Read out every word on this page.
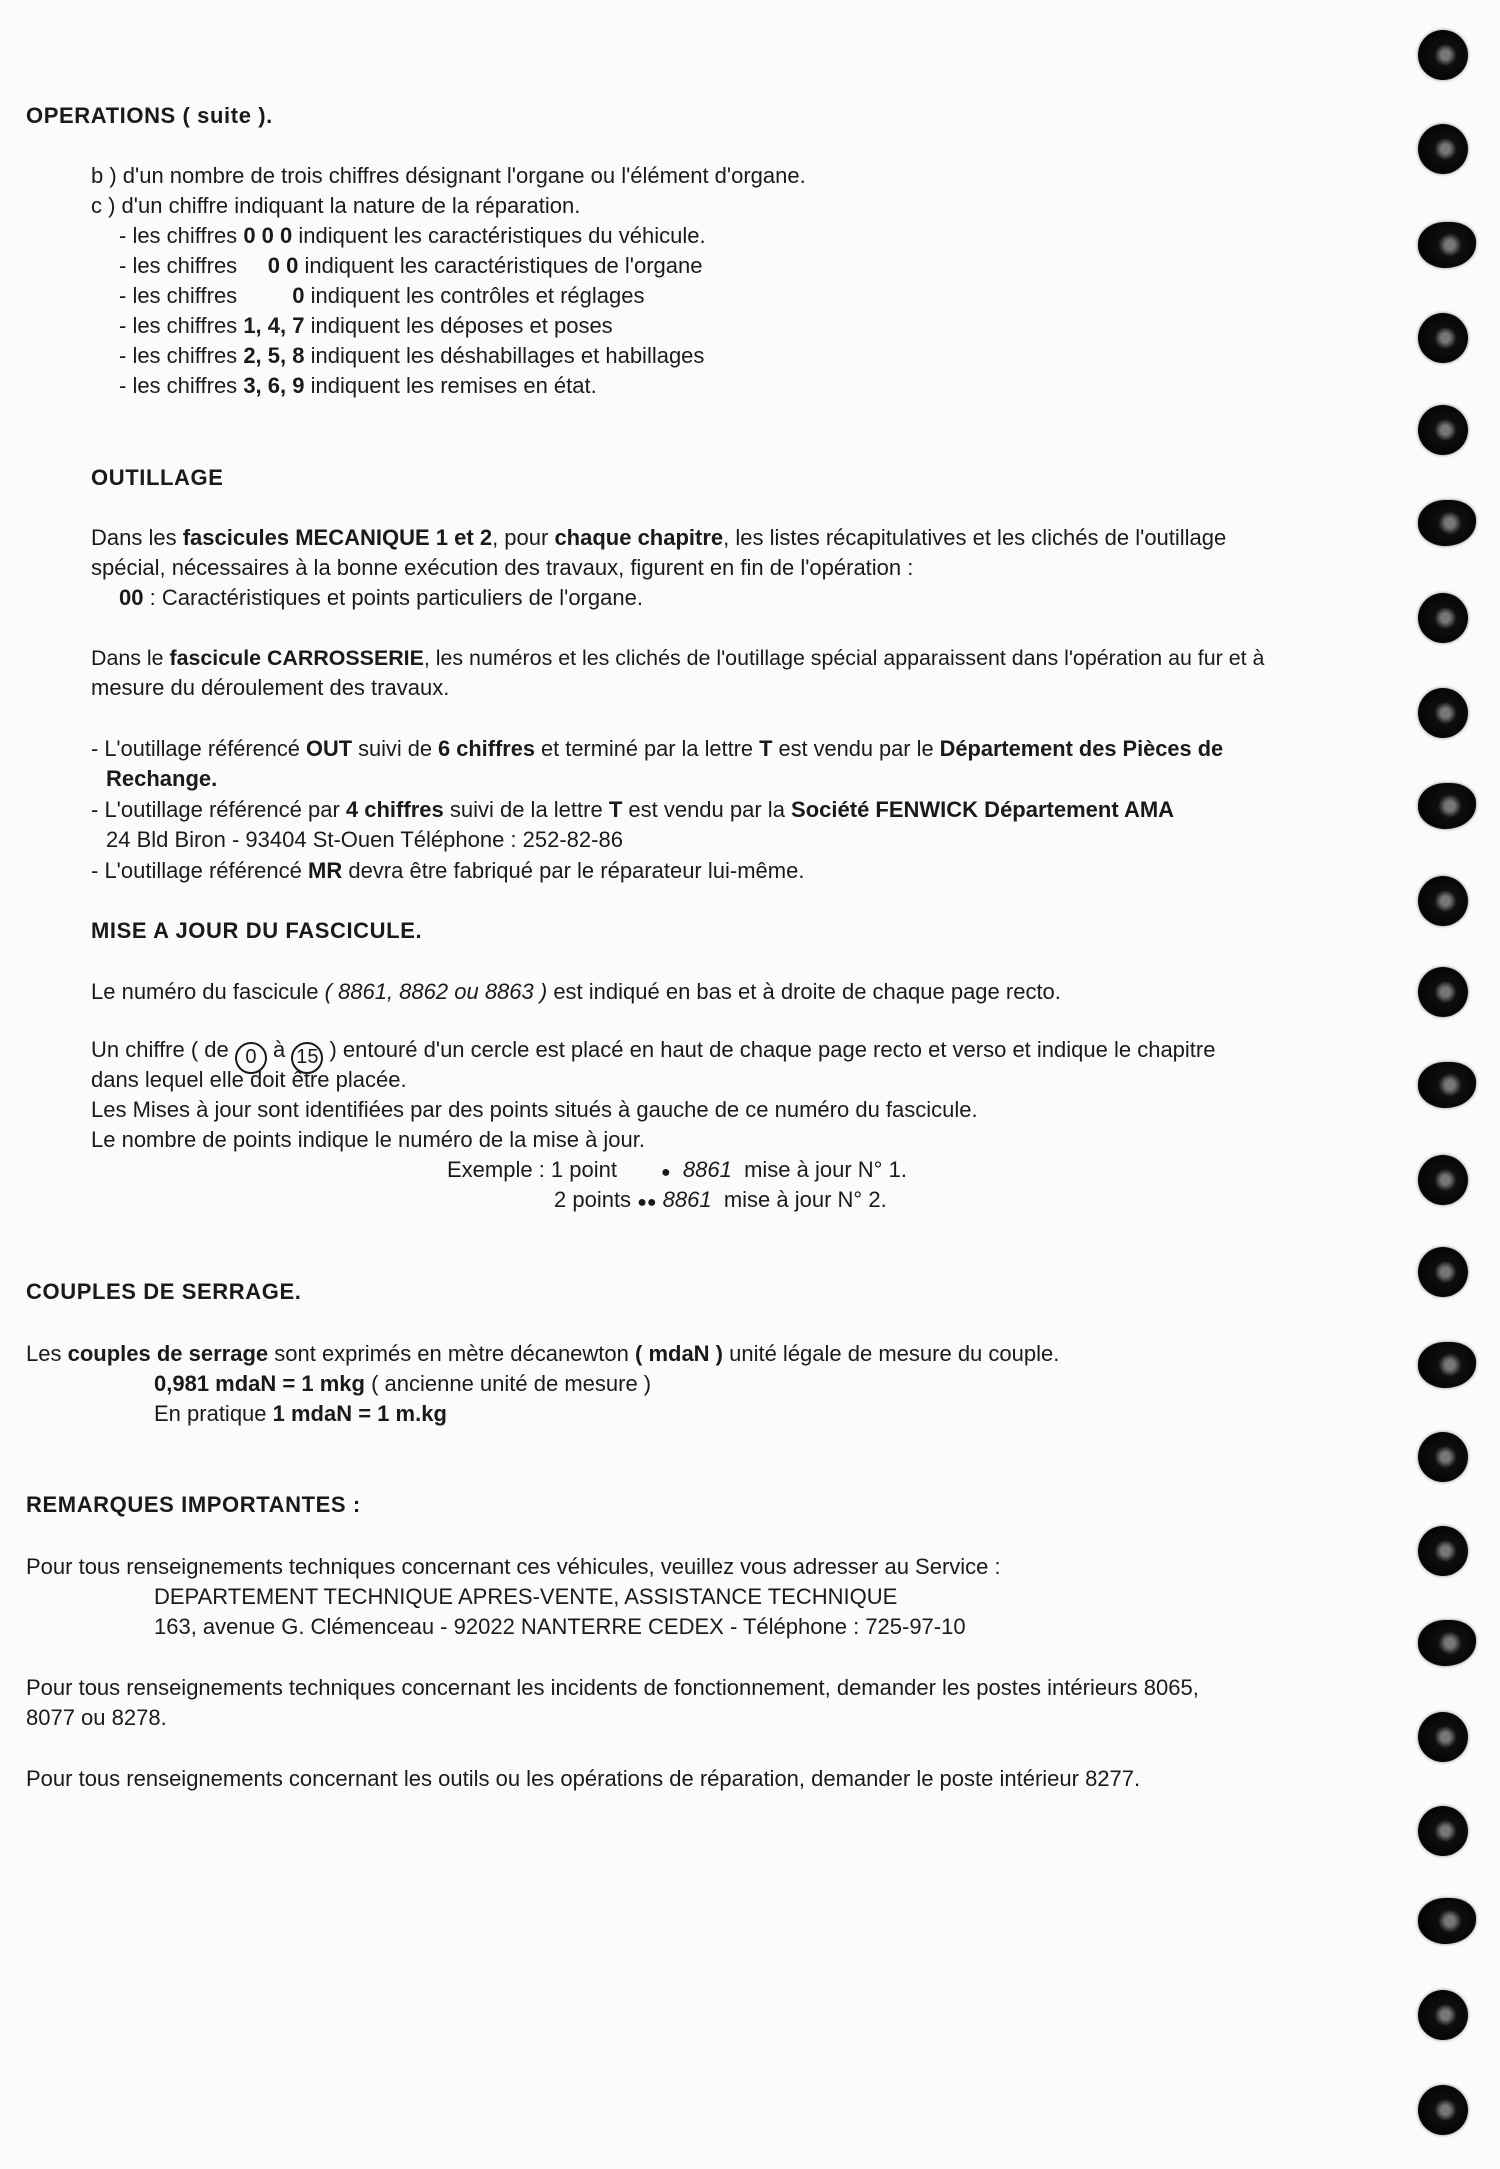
OPERATIONS ( suite ).
b ) d'un nombre de trois chiffres désignant l'organe ou l'élément d'organe.
c ) d'un chiffre indiquant la nature de la réparation.
- les chiffres 0 0 0 indiquent les caractéristiques du véhicule.
- les chiffres     0 0 indiquent les caractéristiques de l'organe
- les chiffres         0 indiquent les contrôles et réglages
- les chiffres 1, 4, 7 indiquent les déposes et poses
- les chiffres 2, 5, 8 indiquent les déshabillages et habillages
- les chiffres 3, 6, 9 indiquent les remises en état.
OUTILLAGE
Dans les fascicules MECANIQUE 1 et 2, pour chaque chapitre, les listes récapitulatives et les clichés de l'outillage
spécial, nécessaires à la bonne exécution des travaux, figurent en fin de l'opération :
00 : Caractéristiques et points particuliers de l'organe.
Dans le fascicule CARROSSERIE, les numéros et les clichés de l'outillage spécial apparaissent dans l'opération au fur et à
mesure du déroulement des travaux.
- L'outillage référencé OUT suivi de 6 chiffres et terminé par la lettre T est vendu par le Département des Pièces de
Rechange.
- L'outillage référencé par 4 chiffres suivi de la lettre T est vendu par la Société FENWICK Département AMA
24 Bld Biron - 93404 St-Ouen Téléphone : 252-82-86
- L'outillage référencé MR devra être fabriqué par le réparateur lui-même.
MISE A JOUR DU FASCICULE.
Le numéro du fascicule ( 8861, 8862 ou 8863 ) est indiqué en bas et à droite de chaque page recto.
Un chiffre ( de 0 à 15 ) entouré d'un cercle est placé en haut de chaque page recto et verso et indique le chapitre
dans lequel elle doit être placée.
Les Mises à jour sont identifiées par des points situés à gauche de ce numéro du fascicule.
Le nombre de points indique le numéro de la mise à jour.
Exemple : 1 point	● 8861 mise à jour N° 1.
2 points ●● 8861 mise à jour N° 2.
COUPLES DE SERRAGE.
Les couples de serrage sont exprimés en mètre décanewton ( mdaN ) unité légale de mesure du couple.
0,981 mdaN = 1 mkg ( ancienne unité de mesure )
En pratique 1 mdaN = 1 m.kg
REMARQUES IMPORTANTES :
Pour tous renseignements techniques concernant ces véhicules, veuillez vous adresser au Service :
DEPARTEMENT TECHNIQUE APRES-VENTE, ASSISTANCE TECHNIQUE
163, avenue G. Clémenceau - 92022 NANTERRE CEDEX - Téléphone : 725-97-10
Pour tous renseignements techniques concernant les incidents de fonctionnement, demander les postes intérieurs 8065,
8077 ou 8278.
Pour tous renseignements concernant les outils ou les opérations de réparation, demander le poste intérieur 8277.
